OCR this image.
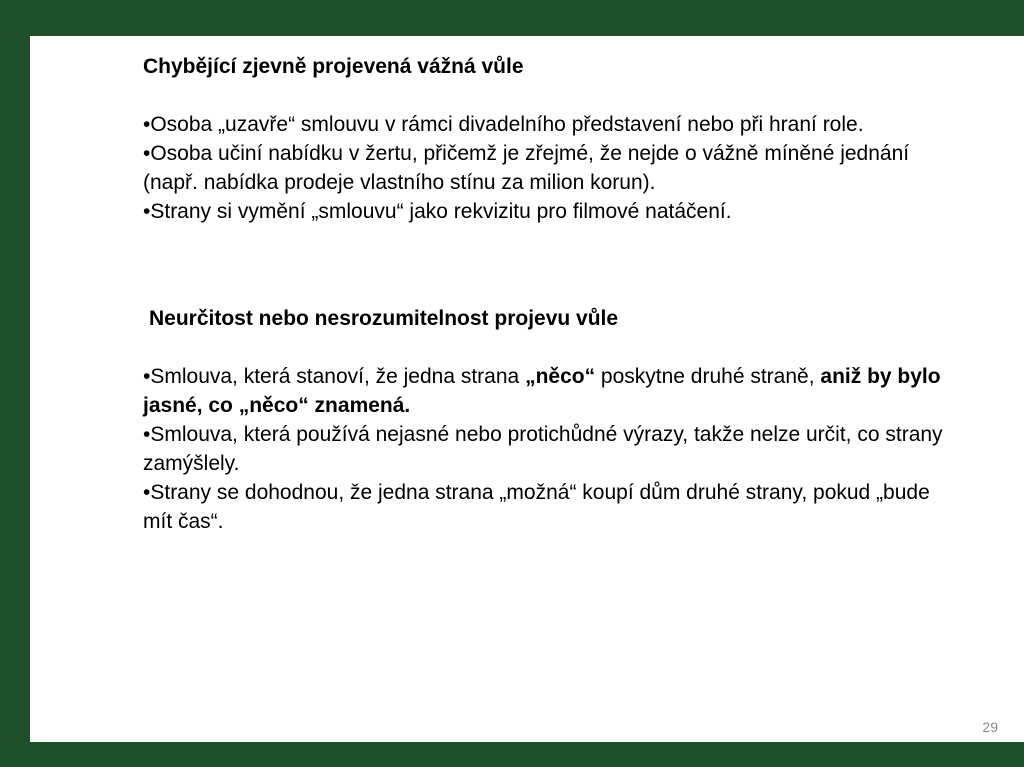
Chybějící zjevně projevená vážná vůle

•Osoba „uzavře“ smlouvu v rámci divadelního představení nebo při hraní role.

•Osoba učiní nabídku v žertu, přičemž je zřejmé, že nejde o vážně míněné jednání (např. nabídka prodeje vlastního stínu za milion korun).

•Strany si vymění „smlouvu“ jako rekvizitu pro filmové natáčení.

Neurčitost nebo nesrozumitelnost projevu vůle

•Smlouva, která stanoví, že jedna strana „něco“ poskytne druhé straně, aniž by bylo jasné, co „něco“ znamená.

•Smlouva, která používá nejasné nebo protichůdné výrazy, takže nelze určit, co strany zamýšlely.

•Strany se dohodnou, že jedna strana „možná“ koupí dům druhé strany, pokud „bude mít čas“.

29
